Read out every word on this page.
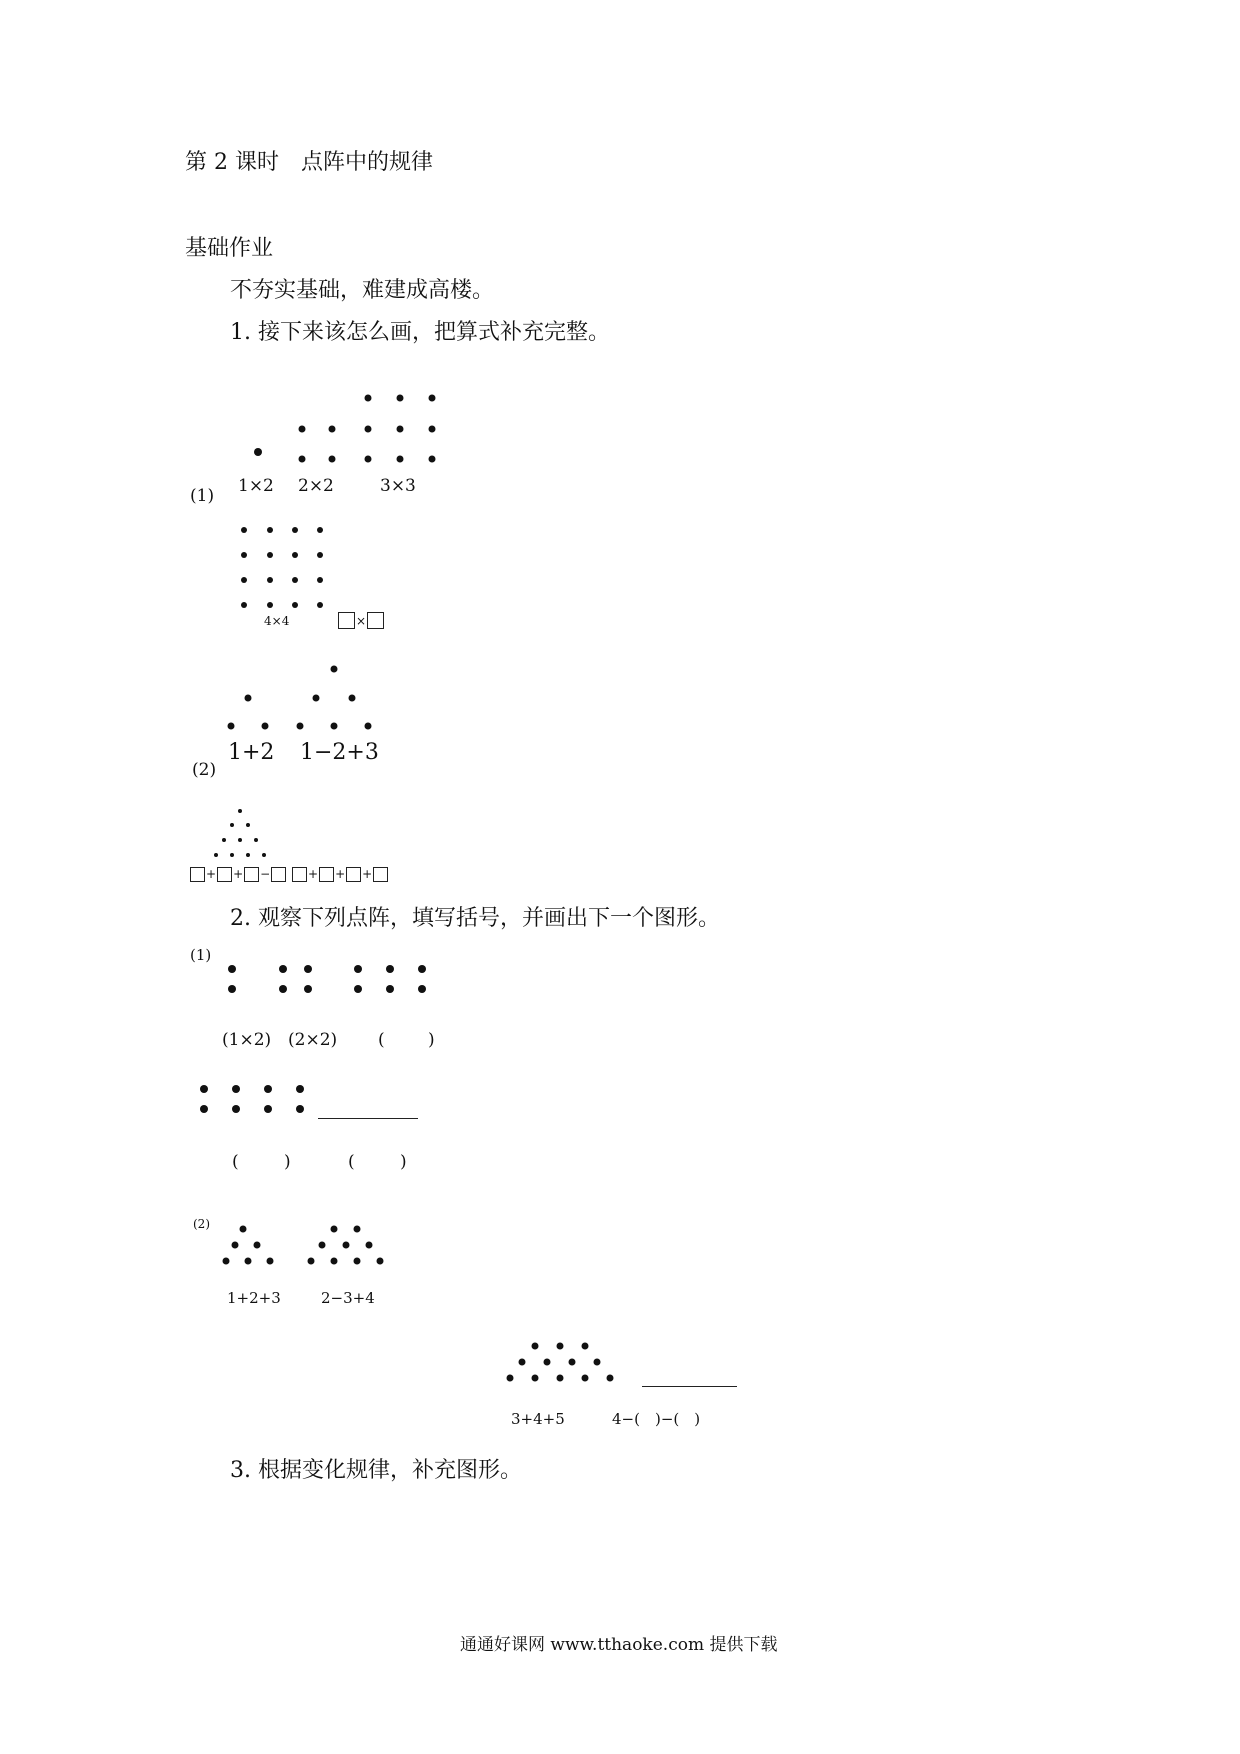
第 2 课时　点阵中的规律
基础作业
不夯实基础，难建成高楼。
1. 接下来该怎么画，把算式补充完整。
1×2 2×2	3×3
(1)
4×4	×
1+2 1−2+3
(2)
+ + −	+ + +
2. 观察下列点阵，填写括号，并画出下一个图形。
(1)
(1×2) (2×2) (	)
(	)	(	)
(2)
1+2+3	2−3+4
3+4+5	4−(　)−(　)
3. 根据变化规律，补充图形。
通通好课网 www.tthaoke.com 提供下载
